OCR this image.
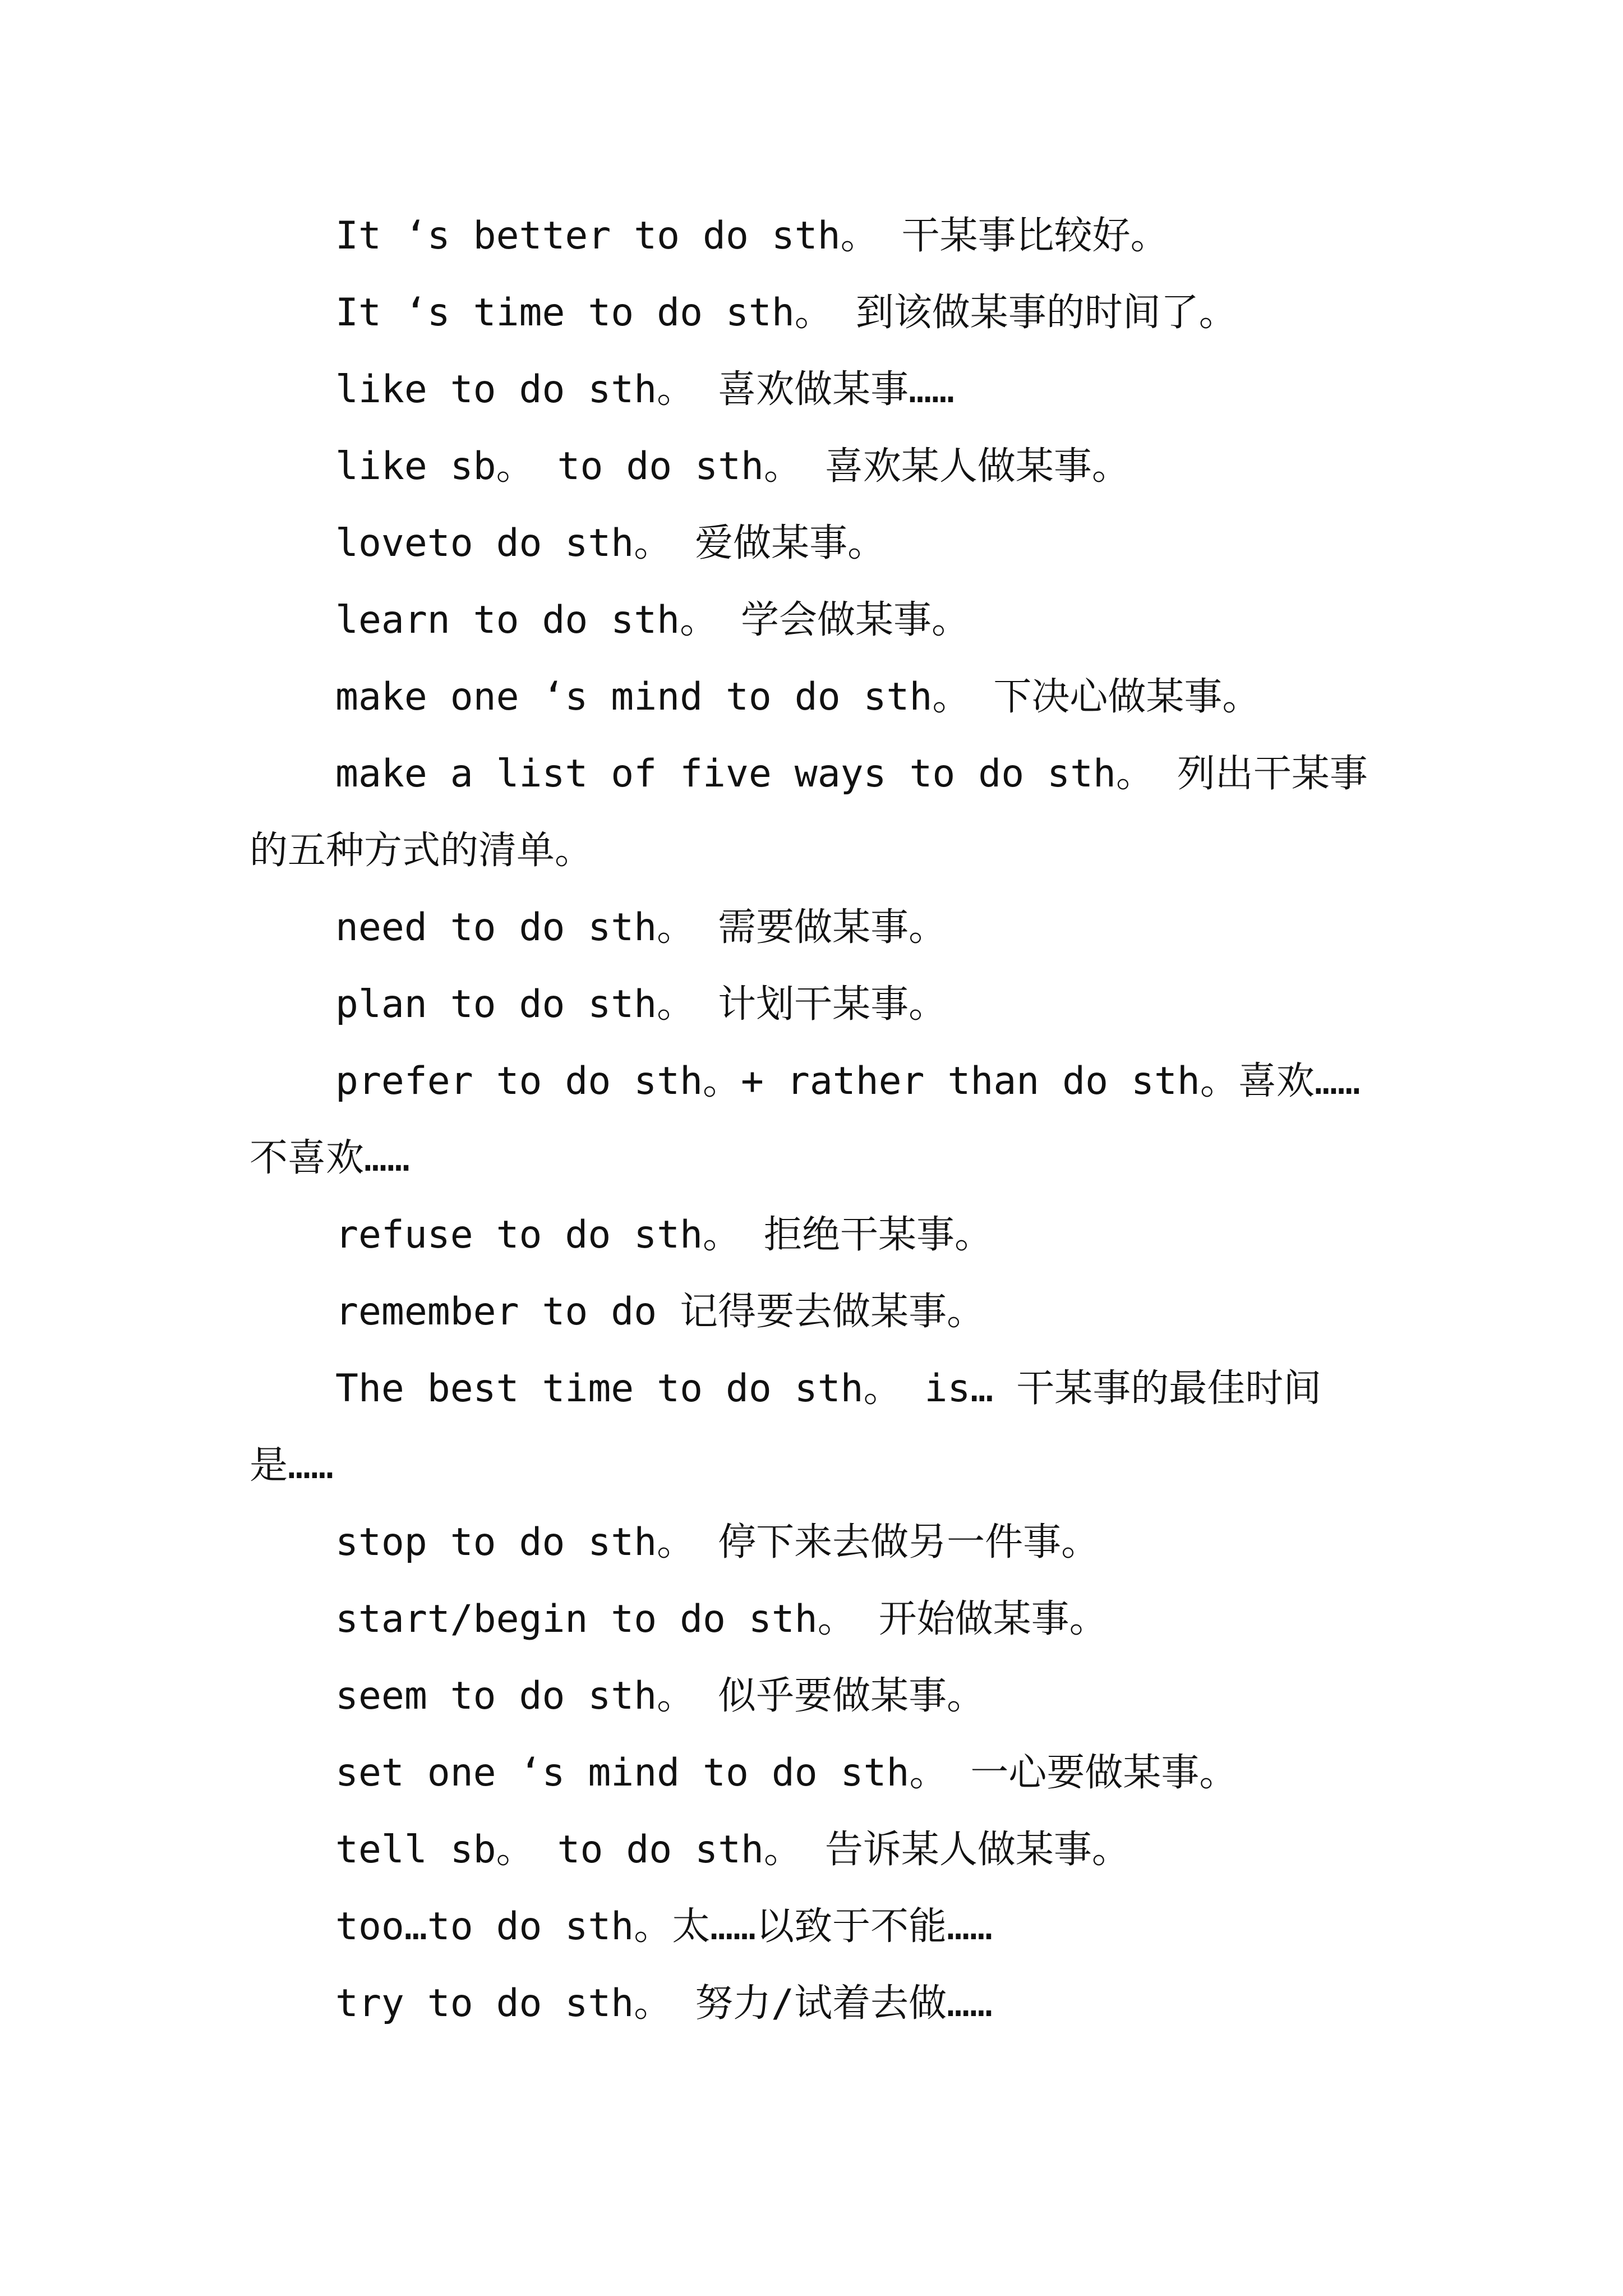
It ‘s better to do sth。 干某事比较好。

It ‘s time to do sth。 到该做某事的时间了。

like to do sth。 喜欢做某事……

like sb。 to do sth。 喜欢某人做某事。

loveto do sth。 爱做某事。

learn to do sth。 学会做某事。

make one ‘s mind to do sth。 下决心做某事。

make a list of five ways to do sth。 列出干某事的五种方式的清单。

need to do sth。 需要做某事。

plan to do sth。 计划干某事。

prefer to do sth。+ rather than do sth。喜欢……不喜欢……

refuse to do sth。 拒绝干某事。

remember to do 记得要去做某事。

The best time to do sth。 is… 干某事的最佳时间是……

stop to do sth。 停下来去做另一件事。

start/begin to do sth。 开始做某事。

seem to do sth。 似乎要做某事。

set one ‘s mind to do sth。 一心要做某事。

tell sb。 to do sth。 告诉某人做某事。

too…to do sth。太……以致于不能……

try to do sth。 努力/试着去做……
